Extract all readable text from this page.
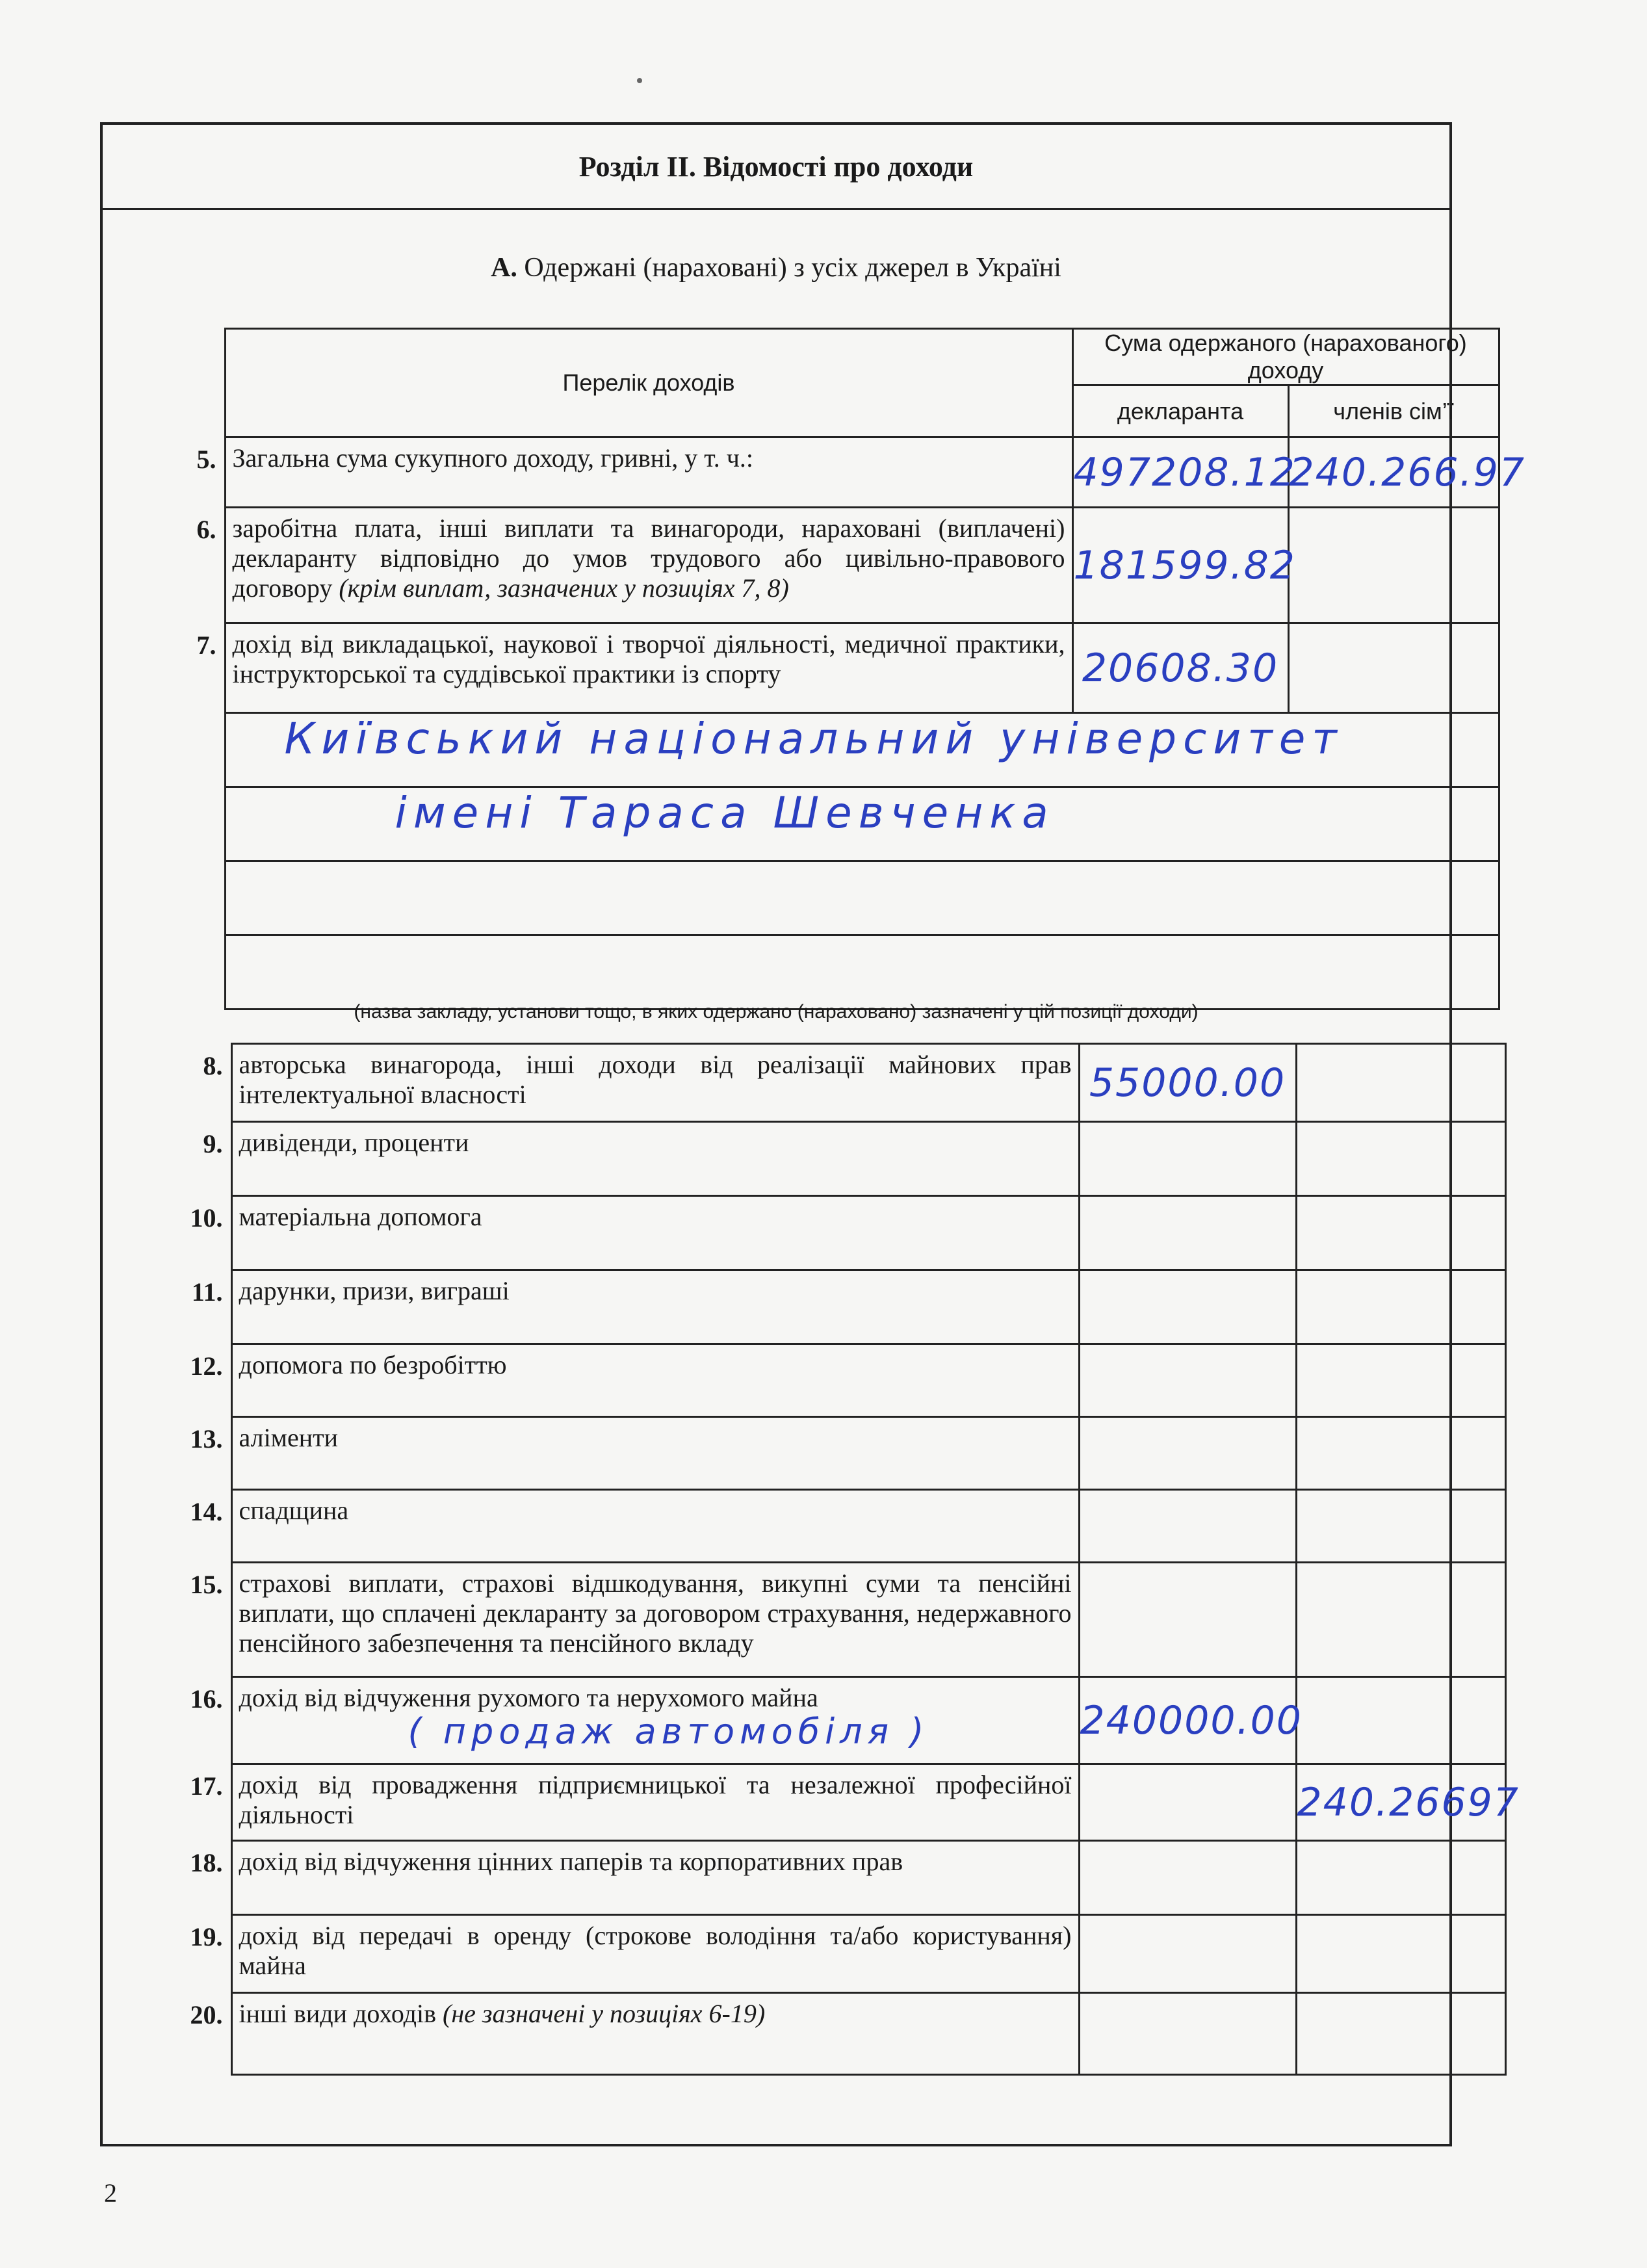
Розділ II. Відомості про доходи
А. Одержані (нараховані) з усіх джерел в Україні
	Перелік доходів	Сума одержаного (нарахованого) доходу	
		декларанта	членів сім’ї
5.	Загальна сума сукупного доходу, гривні, у т. ч.:	497208.12	240.266.97
6.	заробітна плата, інші виплати та винагороди, нараховані (виплачені) декларанту відповідно до умов трудового або цивільно-правового договору (крім виплат, зазначених у позиціях 7, 8)	181599.82	
7.	дохід від викладацької, наукової і творчої діяльності, медичної практики, інструкторської та суддівської практики із спорту	20608.30	
	Київський національний університет		
	імені Тараса Шевченка		

(назва закладу, установи тощо, в яких одержано (нараховано) зазначені у цій позиції доходи)
8.	авторська винагорода, інші доходи від реалізації майнових прав інтелектуальної власності	55000.00	
9.	дивіденди, проценти		
10.	матеріальна допомога		
11.	дарунки, призи, виграші		
12.	допомога по безробіттю		
13.	аліменти		
14.	спадщина		
15.	страхові виплати, страхові відшкодування, викупні суми та пенсійні виплати, що сплачені декларанту за договором страхування, недержавного пенсійного забезпечення та пенсійного вкладу		
16.	дохід від відчуження рухомого та нерухомого майна
( продаж автомобіля )	240000.00	
17.	дохід від провадження підприємницької та незалежної професійної діяльності		240.26697
18.	дохід від відчуження цінних паперів та корпоративних прав		
19.	дохід від передачі в оренду (строкове володіння та/або користування) майна		
20.	інші види доходів (не зазначені у позиціях 6-19)		
2
